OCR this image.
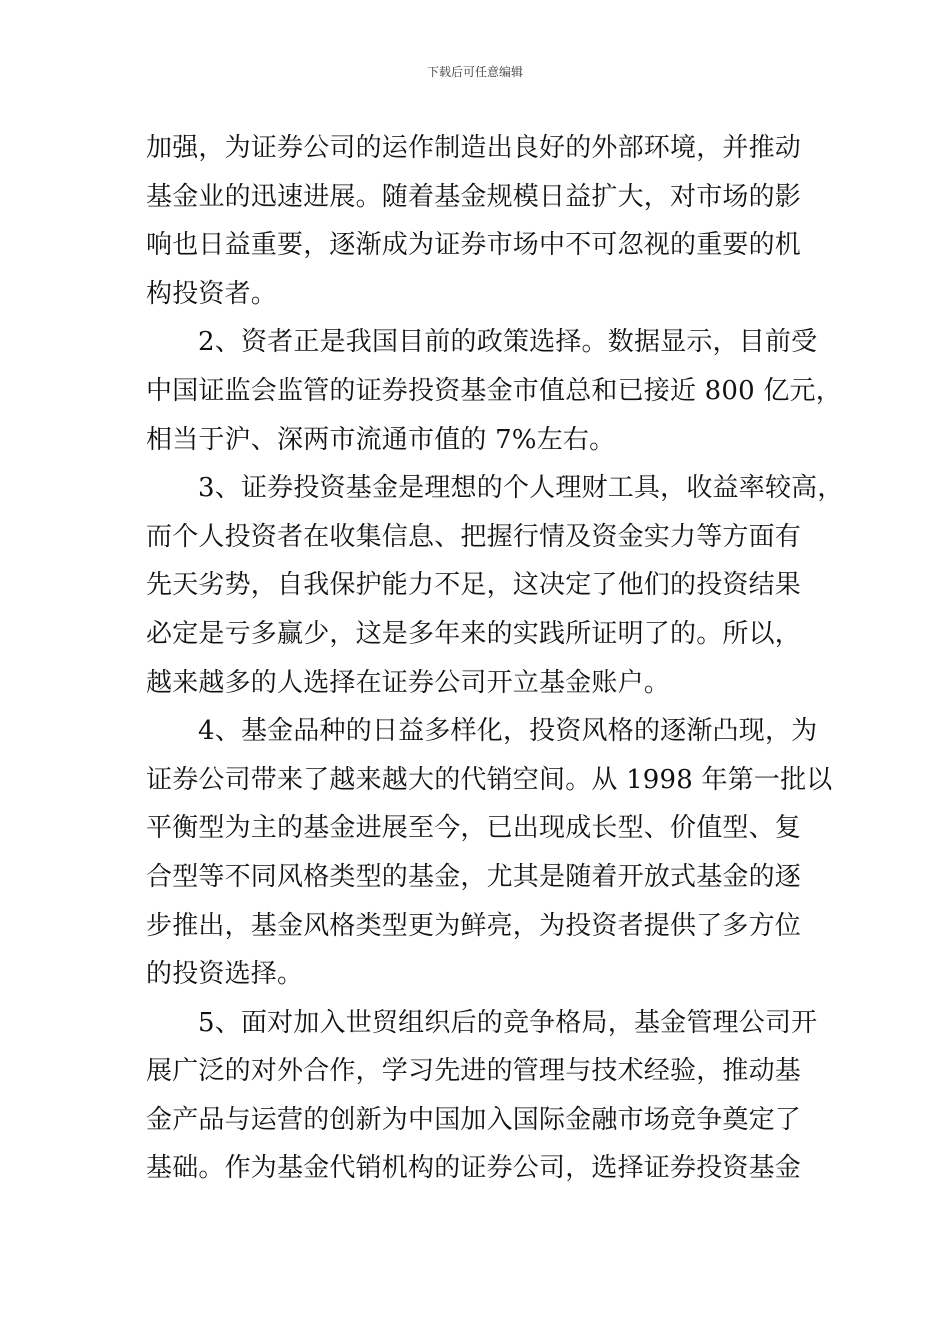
下载后可任意编辑
加强，为证券公司的运作制造出良好的外部环境，并推动
基金业的迅速进展。随着基金规模日益扩大，对市场的影
响也日益重要，逐渐成为证券市场中不可忽视的重要的机
构投资者。
2、资者正是我国目前的政策选择。数据显示，目前受
中国证监会监管的证券投资基金市值总和已接近 800 亿元，
相当于沪、深两市流通市值的 7%左右。
3、证券投资基金是理想的个人理财工具，收益率较高，
而个人投资者在收集信息、把握行情及资金实力等方面有
先天劣势，自我保护能力不足，这决定了他们的投资结果
必定是亏多赢少，这是多年来的实践所证明了的。所以，
越来越多的人选择在证券公司开立基金账户。
4、基金品种的日益多样化，投资风格的逐渐凸现，为
证券公司带来了越来越大的代销空间。从 1998 年第一批以
平衡型为主的基金进展至今，已出现成长型、价值型、复
合型等不同风格类型的基金，尤其是随着开放式基金的逐
步推出，基金风格类型更为鲜亮，为投资者提供了多方位
的投资选择。
5、面对加入世贸组织后的竞争格局，基金管理公司开
展广泛的对外合作，学习先进的管理与技术经验，推动基
金产品与运营的创新为中国加入国际金融市场竞争奠定了
基础。作为基金代销机构的证券公司，选择证券投资基金
